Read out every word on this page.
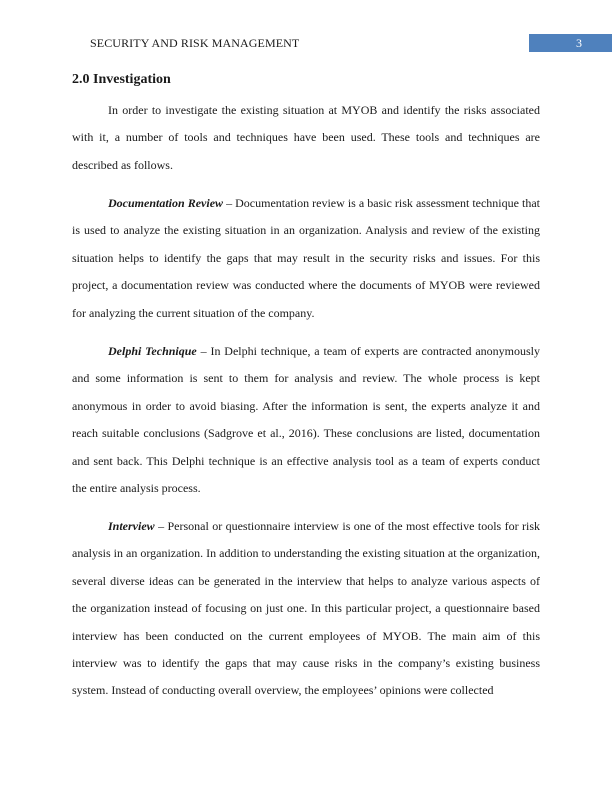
SECURITY AND RISK MANAGEMENT	3
2.0 Investigation

In order to investigate the existing situation at MYOB and identify the risks associated with it, a number of tools and techniques have been used. These tools and techniques are described as follows.

Documentation Review – Documentation review is a basic risk assessment technique that is used to analyze the existing situation in an organization. Analysis and review of the existing situation helps to identify the gaps that may result in the security risks and issues. For this project, a documentation review was conducted where the documents of MYOB were reviewed for analyzing the current situation of the company.

Delphi Technique – In Delphi technique, a team of experts are contracted anonymously and some information is sent to them for analysis and review. The whole process is kept anonymous in order to avoid biasing. After the information is sent, the experts analyze it and reach suitable conclusions (Sadgrove et al., 2016). These conclusions are listed, documentation and sent back. This Delphi technique is an effective analysis tool as a team of experts conduct the entire analysis process.

Interview – Personal or questionnaire interview is one of the most effective tools for risk analysis in an organization. In addition to understanding the existing situation at the organization, several diverse ideas can be generated in the interview that helps to analyze various aspects of the organization instead of focusing on just one. In this particular project, a questionnaire based interview has been conducted on the current employees of MYOB. The main aim of this interview was to identify the gaps that may cause risks in the company’s existing business system. Instead of conducting overall overview, the employees’ opinions were collected
